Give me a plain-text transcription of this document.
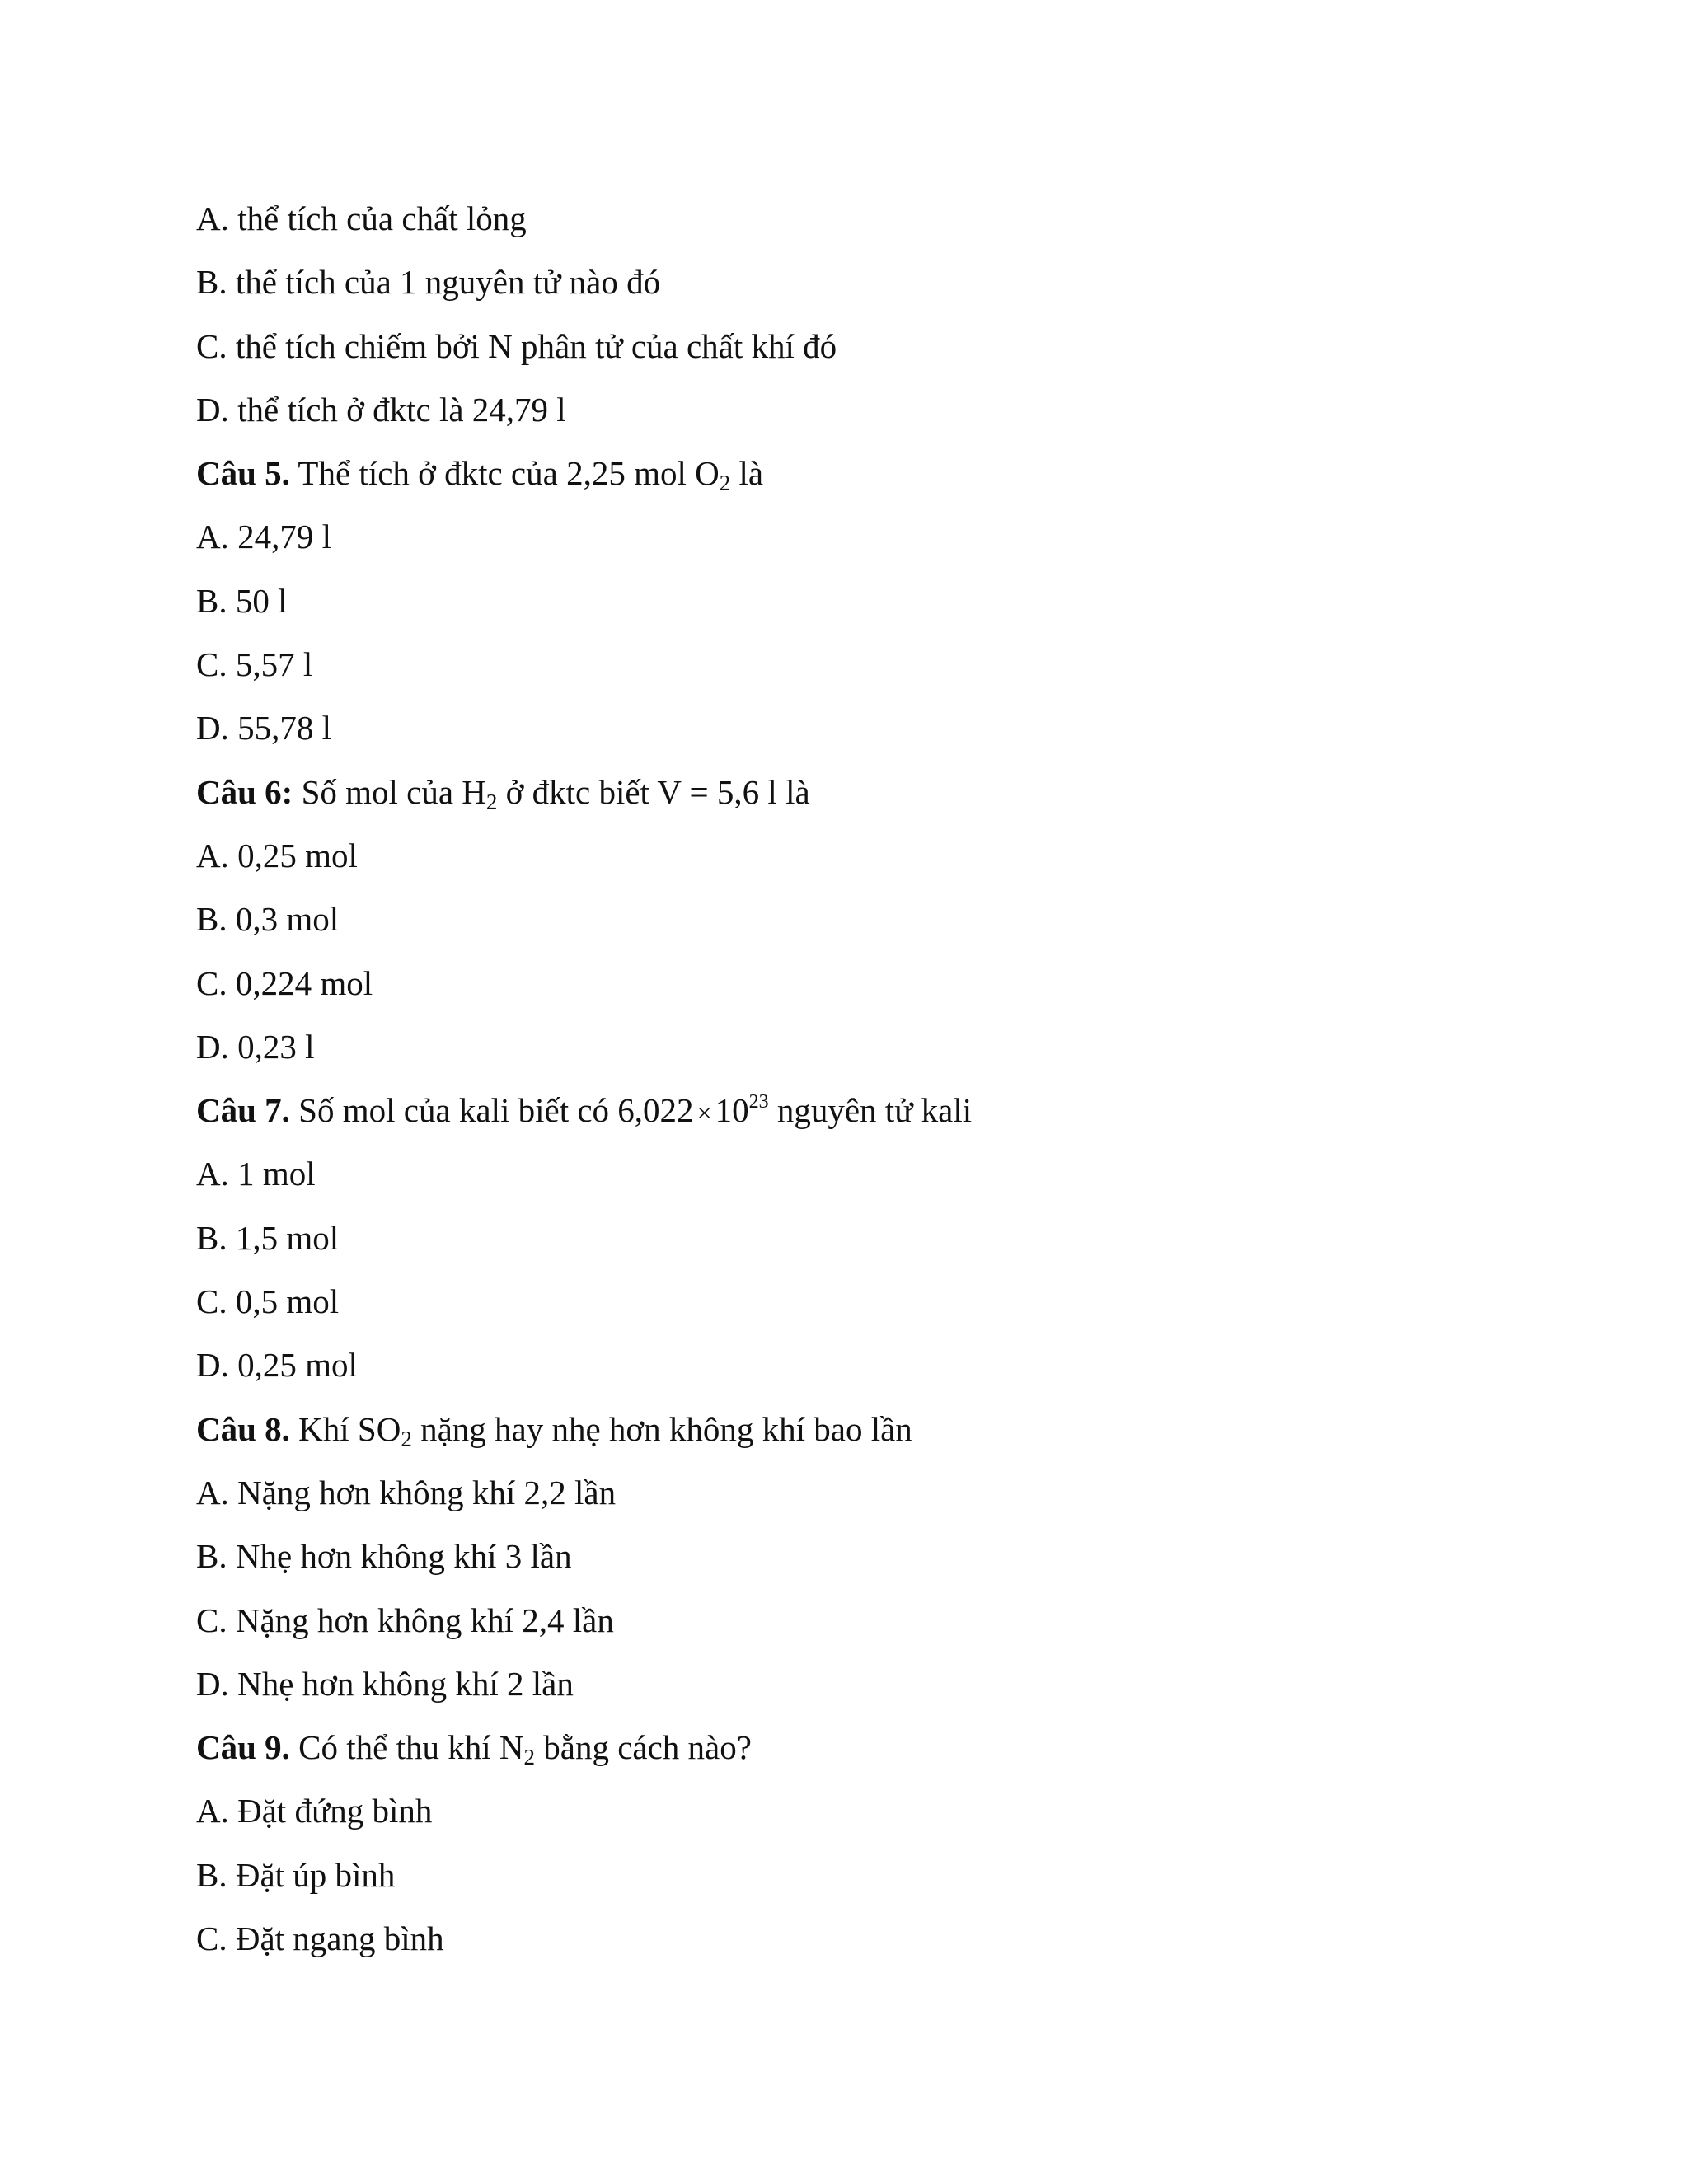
A. thể tích của chất lỏng
B. thể tích của 1 nguyên tử nào đó
C. thể tích chiếm bởi N phân tử của chất khí đó
D. thể tích ở đktc là 24,79 l
Câu 5. Thể tích ở đktc của 2,25 mol $O_2$ là
A. 24,79 l
B. 50 l
C. 5,57 l
D. 55,78 l
Câu 6: Số mol của $H_2$ ở đktc biết V = 5,6 l là
A. 0,25 mol
B. 0,3 mol
C. 0,224 mol
D. 0,23 l
Câu 7. Số mol của kali biết có $6,022 \times 10^{23}$ nguyên tử kali
A. 1 mol
B. 1,5 mol
C. 0,5 mol
D. 0,25 mol
Câu 8. Khí $SO_2$ nặng hay nhẹ hơn không khí bao lần
A. Nặng hơn không khí 2,2 lần
B. Nhẹ hơn không khí 3 lần
C. Nặng hơn không khí 2,4 lần
D. Nhẹ hơn không khí 2 lần
Câu 9. Có thể thu khí $N_2$ bằng cách nào?
A. Đặt đứng bình
B. Đặt úp bình
C. Đặt ngang bình
